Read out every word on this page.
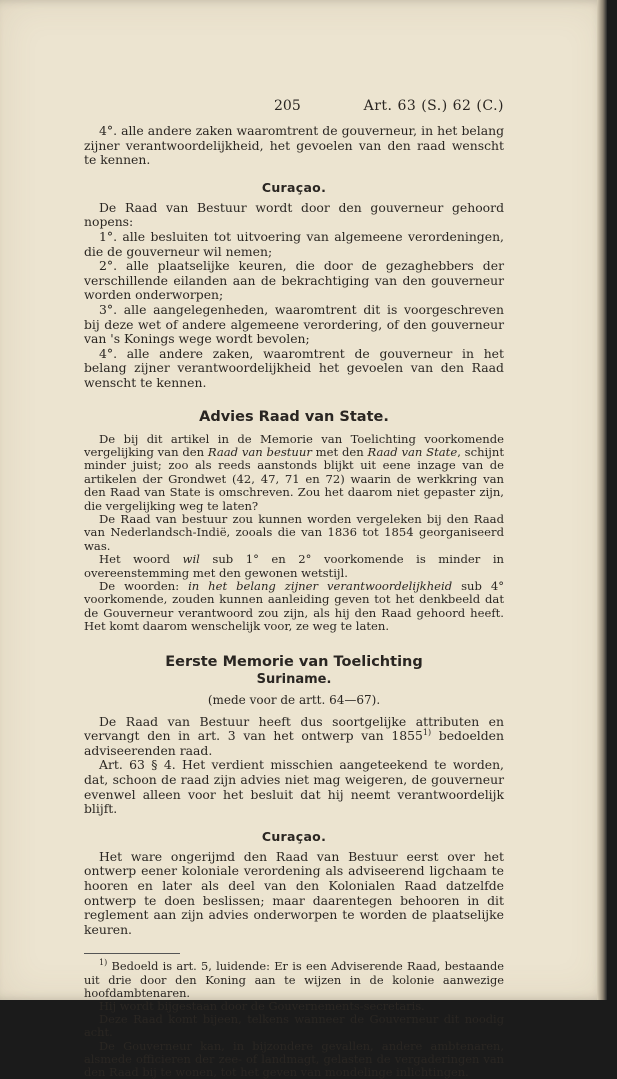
205	Art. 63 (S.) 62 (C.)

4°. alle andere zaken waaromtrent de gouverneur, in het belang zijner verantwoordelijkheid, het gevoelen van den raad wenscht te kennen.

Curaçao.

De Raad van Bestuur wordt door den gouverneur gehoord nopens:

1°. alle besluiten tot uitvoering van algemeene verordeningen, die de gouverneur wil nemen;

2°. alle plaatselijke keuren, die door de gezaghebbers der verschillende eilanden aan de bekrachtiging van den gouverneur worden onderworpen;

3°. alle aangelegenheden, waaromtrent dit is voorgeschreven bij deze wet of andere algemeene verordering, of den gouverneur van 's Konings wege wordt bevolen;

4°. alle andere zaken, waaromtrent de gouverneur in het belang zijner verantwoordelijkheid het gevoelen van den Raad wenscht te kennen.

Advies Raad van State.

De bij dit artikel in de Memorie van Toelichting voorkomende vergelijking van den Raad van bestuur met den Raad van State, schijnt minder juist; zoo als reeds aanstonds blijkt uit eene inzage van de artikelen der Grondwet (42, 47, 71 en 72) waarin de werkkring van den Raad van State is omschreven. Zou het daarom niet gepaster zijn, die vergelijking weg te laten?

De Raad van bestuur zou kunnen worden vergeleken bij den Raad van Nederlandsch-Indië, zooals die van 1836 tot 1854 georganiseerd was.

Het woord wil sub 1° en 2° voorkomende is minder in overeenstemming met den gewonen wetstijl.

De woorden: in het belang zijner verantwoordelijkheid sub 4° voorkomende, zouden kunnen aanleiding geven tot het denkbeeld dat de Gouverneur verantwoord zou zijn, als hij den Raad gehoord heeft. Het komt daarom wenschelijk voor, ze weg te laten.

Eerste Memorie van Toelichting
Suriname.
(mede voor de artt. 64—67).

De Raad van Bestuur heeft dus soortgelijke attributen en vervangt den in art. 3 van het ontwerp van 1855$^{1)}$ bedoelden adviseerenden raad.

Art. 63 § 4. Het verdient misschien aangeteekend te worden, dat, schoon de raad zijn advies niet mag weigeren, de gouverneur evenwel alleen voor het besluit dat hij neemt verantwoordelijk blijft.

Curaçao.

Het ware ongerijmd den Raad van Bestuur eerst over het ontwerp eener koloniale verordening als adviseerend ligchaam te hooren en later als deel van den Kolonialen Raad datzelfde ontwerp te doen beslissen; maar daarentegen behooren in dit reglement aan zijn advies onderworpen te worden de plaatselijke keuren.

$^{1)}$ Bedoeld is art. 5, luidende: Er is een Adviserende Raad, bestaande uit drie door den Koning aan te wijzen in de kolonie aanwezige hoofdambtenaren.

Hij wordt bijgestaan door de Gouvernements-secretaris.

Deze Raad komt bijeen, telkens wanneer de Gouverneur dit noodig acht.

De Gouverneur kan, in bijzondere gevallen, andere ambtenaren, alsmede officieren der zee- of landmagt, gelasten de vergaderingen van den Raad bij te wonen, tot het geven van mondelinge inlichtingen.
